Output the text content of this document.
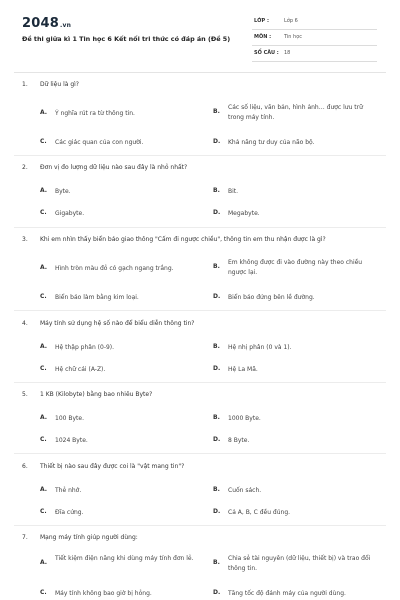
2048.vn
Đề thi giữa kì 1 Tin học 6 Kết nối tri thức có đáp án (Đề 5)
LỚP :	Lớp 6
MÔN :	Tin học
SỐ CÂU : 18
1. Dữ liệu là gì?
A. Ý nghĩa rút ra từ thông tin.	B.
Các số liệu, văn bản, hình ảnh… được lưu trữ trong máy tính.
C. Các giác quan của con người.	D. Khả năng tư duy của não bộ.
2. Đơn vị đo lượng dữ liệu nào sau đây là nhỏ nhất?
A. Byte.	B. Bit.
C. Gigabyte.	D. Megabyte.
3. Khi em nhìn thấy biển báo giao thông "Cấm đi ngược chiều", thông tin em thu nhận được là gì?
A. Hình tròn màu đỏ có gạch ngang trắng.	B.
Em không được đi vào đường này theo chiều ngược lại.
C. Biển báo làm bằng kim loại.	D. Biển báo đứng bên lề đường.
4. Máy tính sử dụng hệ số nào để biểu diễn thông tin?
A. Hệ thập phân (0-9).	B. Hệ nhị phân (0 và 1).
C. Hệ chữ cái (A-Z).	D. Hệ La Mã.
5. 1 KB (Kilobyte) bằng bao nhiêu Byte?
A. 100 Byte.	B. 1000 Byte.
C. 1024 Byte.	D. 8 Byte.
6. Thiết bị nào sau đây được coi là "vật mang tin"?
A. Thẻ nhớ.	B. Cuốn sách.
C. Đĩa cứng.	D. Cả A, B, C đều đúng.
7. Mạng máy tính giúp người dùng:
A.
Tiết kiệm điện năng khi dùng máy tính đơn lẻ.
B.
Chia sẻ tài nguyên (dữ liệu, thiết bị) và trao đổi thông tin.
C. Máy tính không bao giờ bị hỏng.	D. Tăng tốc độ đánh máy của người dùng.
